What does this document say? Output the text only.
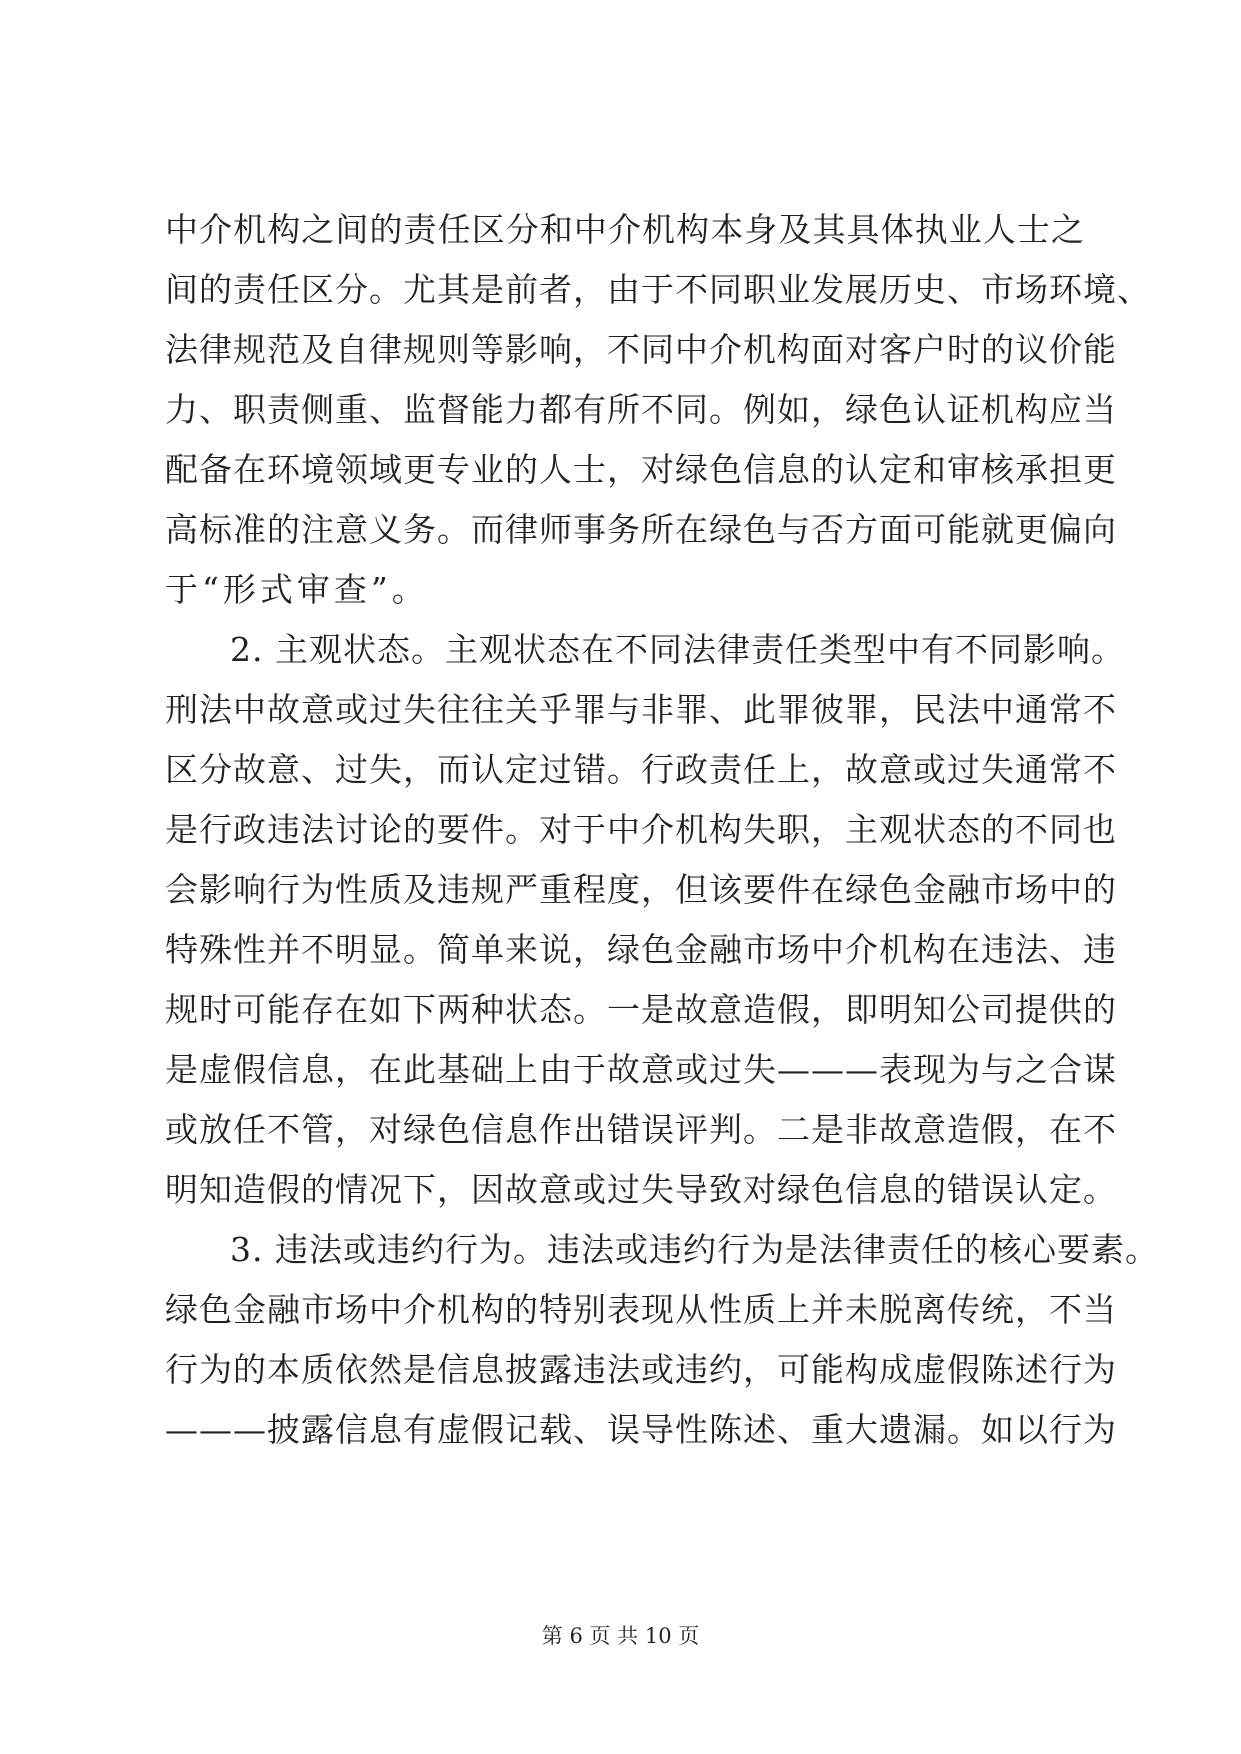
中介机构之间的责任区分和中介机构本身及其具体执业人士之
间的责任区分。尤其是前者，由于不同职业发展历史、市场环境、
法律规范及自律规则等影响，不同中介机构面对客户时的议价能
力、职责侧重、监督能力都有所不同。例如，绿色认证机构应当
配备在环境领域更专业的人士，对绿色信息的认定和审核承担更
高标准的注意义务。而律师事务所在绿色与否方面可能就更偏向
于“形式审查”。
2. 主观状态。主观状态在不同法律责任类型中有不同影响。
刑法中故意或过失往往关乎罪与非罪、此罪彼罪，民法中通常不
区分故意、过失，而认定过错。行政责任上，故意或过失通常不
是行政违法讨论的要件。对于中介机构失职，主观状态的不同也
会影响行为性质及违规严重程度，但该要件在绿色金融市场中的
特殊性并不明显。简单来说，绿色金融市场中介机构在违法、违
规时可能存在如下两种状态。一是故意造假，即明知公司提供的
是虚假信息，在此基础上由于故意或过失———表现为与之合谋
或放任不管，对绿色信息作出错误评判。二是非故意造假，在不
明知造假的情况下，因故意或过失导致对绿色信息的错误认定。
3. 违法或违约行为。违法或违约行为是法律责任的核心要素。
绿色金融市场中介机构的特别表现从性质上并未脱离传统，不当
行为的本质依然是信息披露违法或违约，可能构成虚假陈述行为
———披露信息有虚假记载、误导性陈述、重大遗漏。如以行为
第 6 页 共 10 页
